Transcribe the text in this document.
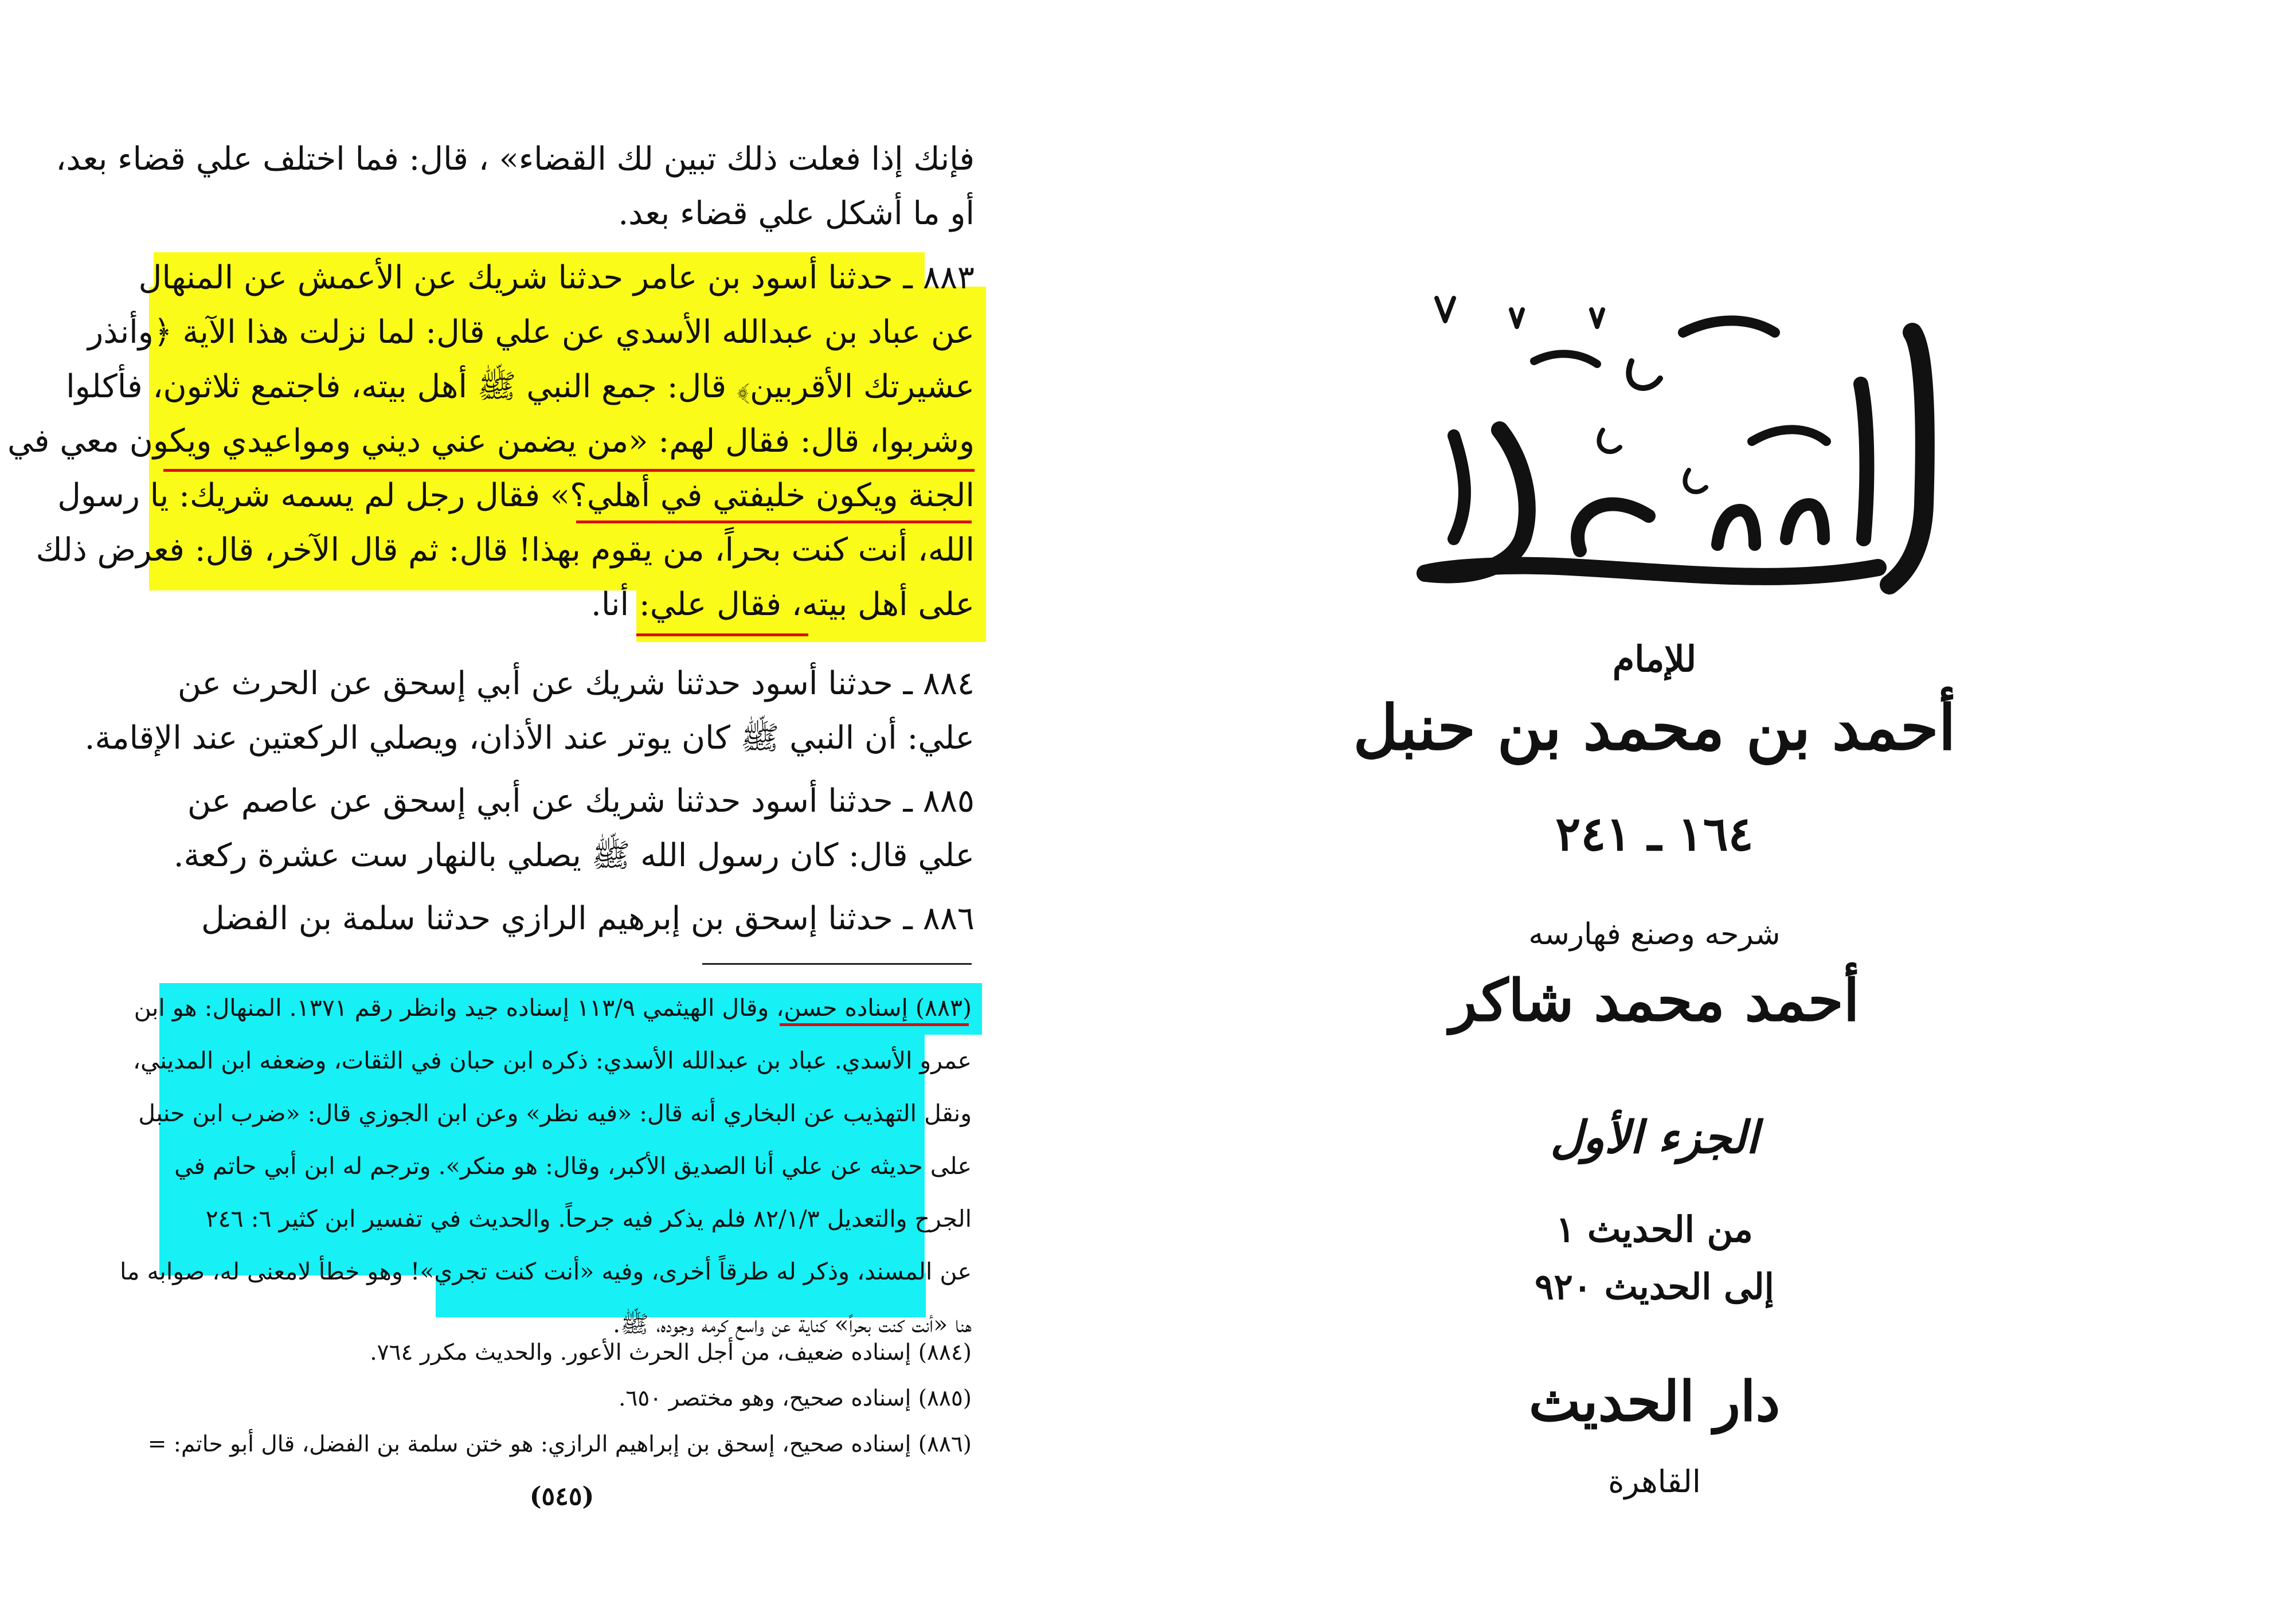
فإنك إذا فعلت ذلك تبين لك القضاء» ، قال: فما اختلف علي قضاء بعد،
أو ما أشكل علي قضاء بعد.
٨٨٣ ـ حدثنا أسود بن عامر حدثنا شريك عن الأعمش عن المنهال
عن عباد بن عبدالله الأسدي عن علي قال: لما نزلت هذا الآية ﴿وأنذر
عشيرتك الأقربين﴾ قال: جمع النبي ﷺ أهل بيته، فاجتمع ثلاثون، فأكلوا
وشربوا، قال: فقال لهم: «من يضمن عني ديني ومواعيدي ويكون معي في
الجنة ويكون خليفتي في أهلي؟» فقال رجل لم يسمه شريك: يا رسول
الله، أنت كنت بحراً، من يقوم بهذا! قال: ثم قال الآخر، قال: فعرض ذلك
على أهل بيته، فقال علي: أنا.
٨٨٤ ـ حدثنا أسود حدثنا شريك عن أبي إسحق عن الحرث عن
علي: أن النبي ﷺ كان يوتر عند الأذان، ويصلي الركعتين عند الإقامة.
٨٨٥ ـ حدثنا أسود حدثنا شريك عن أبي إسحق عن عاصم عن
علي قال: كان رسول الله ﷺ يصلي بالنهار ست عشرة ركعة.
٨٨٦ ـ حدثنا إسحق بن إبرهيم الرازي حدثنا سلمة بن الفضل
(٨٨٣) إسناده حسن، وقال الهيثمي ١١٣/٩ إسناده جيد وانظر رقم ١٣٧١. المنهال: هو ابن
عمرو الأسدي. عباد بن عبدالله الأسدي: ذكره ابن حبان في الثقات، وضعفه ابن المديني،
ونقل التهذيب عن البخاري أنه قال: «فيه نظر» وعن ابن الجوزي قال: «ضرب ابن حنبل
على حديثه عن علي أنا الصديق الأكبر، وقال: هو منكر». وترجم له ابن أبي حاتم في
الجرح والتعديل ٨٢/١/٣ فلم يذكر فيه جرحاً. والحديث في تفسير ابن كثير ٦: ٢٤٦
عن المسند، وذكر له طرقاً أخرى، وفيه «أنت كنت تجري»! وهو خطأ لامعنى له، صوابه ما
هنا «أنت كنت بحراً» كناية عن واسع كرمه وجوده، ﷺ.
(٨٨٤) إسناده ضعيف، من أجل الحرث الأعور. والحديث مكرر ٧٦٤.
(٨٨٥) إسناده صحيح، وهو مختصر ٦٥٠.
(٨٨٦) إسناده صحيح، إسحق بن إبراهيم الرازي: هو ختن سلمة بن الفضل، قال أبو حاتم: =
(٥٤٥)
للإمام
أحمد بن محمد بن حنبل
١٦٤ ـ ٢٤١
شرحه وصنع فهارسه
أحمد محمد شاكر
الجزء الأول
من الحديث ١
إلى الحديث ٩٢٠
دار الحديث
القاهرة
